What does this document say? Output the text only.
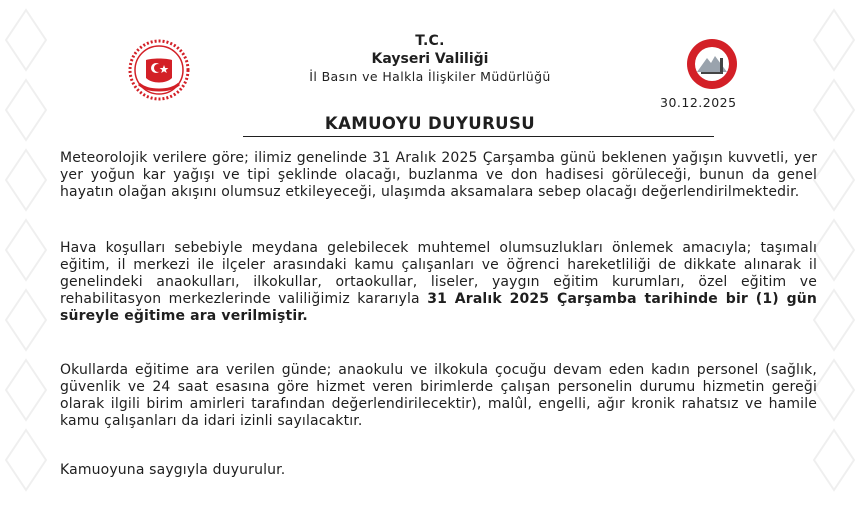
T.C.
Kayseri Valiliği
İl Basın ve Halkla İlişkiler Müdürlüğü
30.12.2025
KAMUOYU DUYURUSU

Meteorolojik verilere göre; ilimiz genelinde 31 Aralık 2025 Çarşamba günü beklenen yağışın kuvvetli, yer yer yoğun kar yağışı ve tipi şeklinde olacağı, buzlanma ve don hadisesi görüleceği, bunun da genel hayatın olağan akışını olumsuz etkileyeceği, ulaşımda aksamalara sebep olacağı değerlendirilmektedir.

Hava koşulları sebebiyle meydana gelebilecek muhtemel olumsuzlukları önlemek amacıyla; taşımalı eğitim, il merkezi ile ilçeler arasındaki kamu çalışanları ve öğrenci hareketliliği de dikkate alınarak il genelindeki anaokulları, ilkokullar, ortaokullar, liseler, yaygın eğitim kurumları, özel eğitim ve rehabilitasyon merkezlerinde valiliğimiz kararıyla 31 Aralık 2025 Çarşamba tarihinde bir (1) gün süreyle eğitime ara verilmiştir.

Okullarda eğitime ara verilen günde; anaokulu ve ilkokula çocuğu devam eden kadın personel (sağlık, güvenlik ve 24 saat esasına göre hizmet veren birimlerde çalışan personelin durumu hizmetin gereği olarak ilgili birim amirleri tarafından değerlendirilecektir), malûl, engelli, ağır kronik rahatsız ve hamile kamu çalışanları da idari izinli sayılacaktır.

Kamuoyuna saygıyla duyurulur.
